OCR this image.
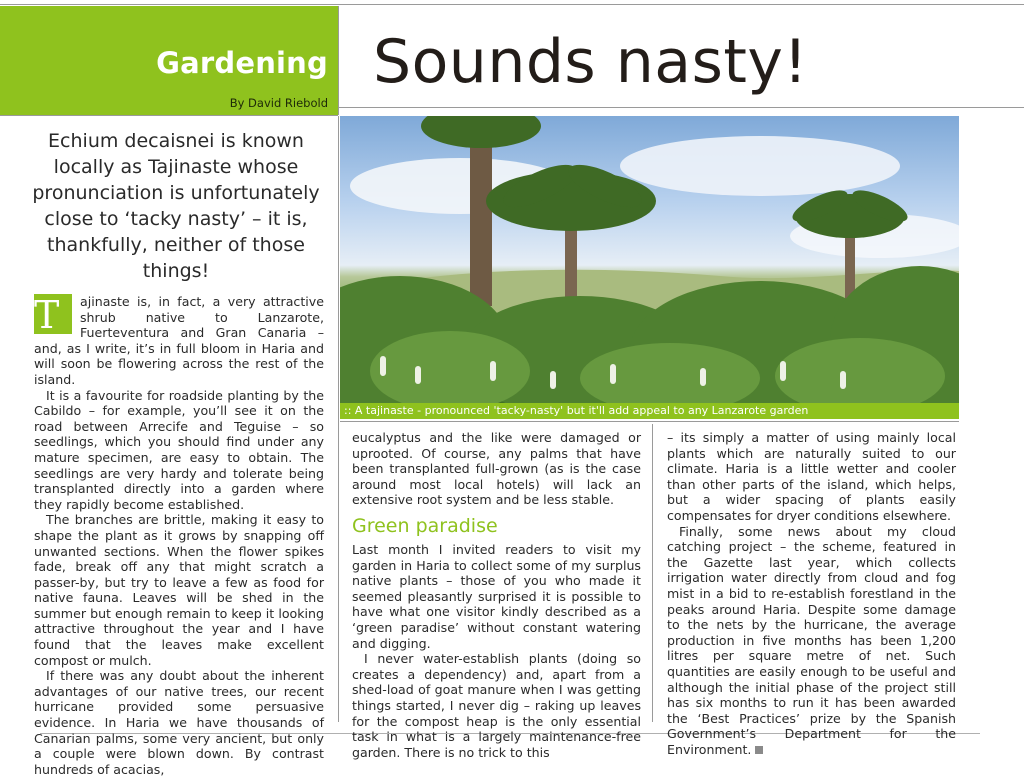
Gardening
By David Riebold
Sounds nasty!

Echium decaisnei is known locally as Tajinaste whose pronunciation is unfortunately close to ‘tacky nasty’ – it is, thankfully, neither of those things!

T	ajinaste is, in fact, a very attractive shrub native to Lanzarote, Fuerteventura and Gran Canaria – and, as I write, it’s in full bloom in Haria and will soon be flowering across the rest of the island.

It is a favourite for roadside planting by the Cabildo – for example, you’ll see it on the road between Arrecife and Teguise – so seedlings, which you should find under any mature specimen, are easy to obtain. The seedlings are very hardy and tolerate being transplanted directly into a garden where they rapidly become established.

The branches are brittle, making it easy to shape the plant as it grows by snapping off unwanted sections. When the flower spikes fade, break off any that might scratch a passer-by, but try to leave a few as food for native fauna. Leaves will be shed in the summer but enough remain to keep it looking attractive throughout the year and I have found that the leaves make excellent compost or mulch.

If there was any doubt about the inherent advantages of our native trees, our recent hurricane provided some persuasive evidence. In Haria we have thousands of Canarian palms, some very ancient, but only a couple were blown down. By contrast hundreds of acacias,

:: A tajinaste - pronounced 'tacky-nasty' but it'll add appeal to any Lanzarote garden

eucalyptus and the like were damaged or uprooted. Of course, any palms that have been transplanted full-grown (as is the case around most local hotels) will lack an extensive root system and be less stable.

Green paradise

Last month I invited readers to visit my garden in Haria to collect some of my surplus native plants – those of you who made it seemed pleasantly surprised it is possible to have what one visitor kindly described as a ‘green paradise’ without constant watering and digging.

I never water-establish plants (doing so creates a dependency) and, apart from a shed-load of goat manure when I was getting things started, I never dig – raking up leaves for the compost heap is the only essential task in what is a largely maintenance-free garden. There is no trick to this

– its simply a matter of using mainly local plants which are naturally suited to our climate. Haria is a little wetter and cooler than other parts of the island, which helps, but a wider spacing of plants easily compensates for dryer conditions elsewhere.

Finally, some news about my cloud catching project – the scheme, featured in the Gazette last year, which collects irrigation water directly from cloud and fog mist in a bid to re-establish forestland in the peaks around Haria. Despite some damage to the nets by the hurricane, the average production in five months has been 1,200 litres per square metre of net. Such quantities are easily enough to be useful and although the initial phase of the project still has six months to run it has been awarded the ‘Best Practices’ prize by the Spanish Government’s Department for the Environment.
